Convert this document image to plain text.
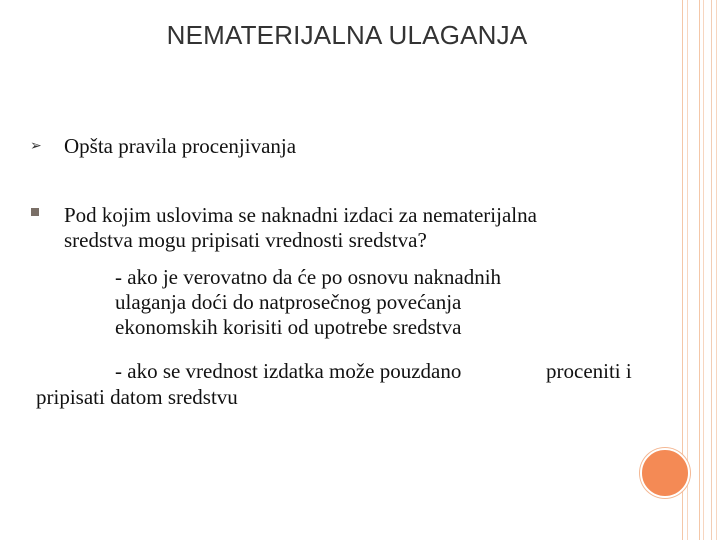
NEMATERIJALNA ULAGANJA
➢ Opšta pravila procenjivanja
Pod kojim uslovima se naknadni izdaci za nematerijalna
sredstva mogu pripisati vrednosti sredstva?
- ako je verovatno da će po osnovu naknadnih
ulaganja doći do natprosečnog povećanja
ekonomskih korisiti od upotrebe sredstva
- ako se vrednost izdatka može pouzdano	proceniti i
pripisati datom sredstvu
